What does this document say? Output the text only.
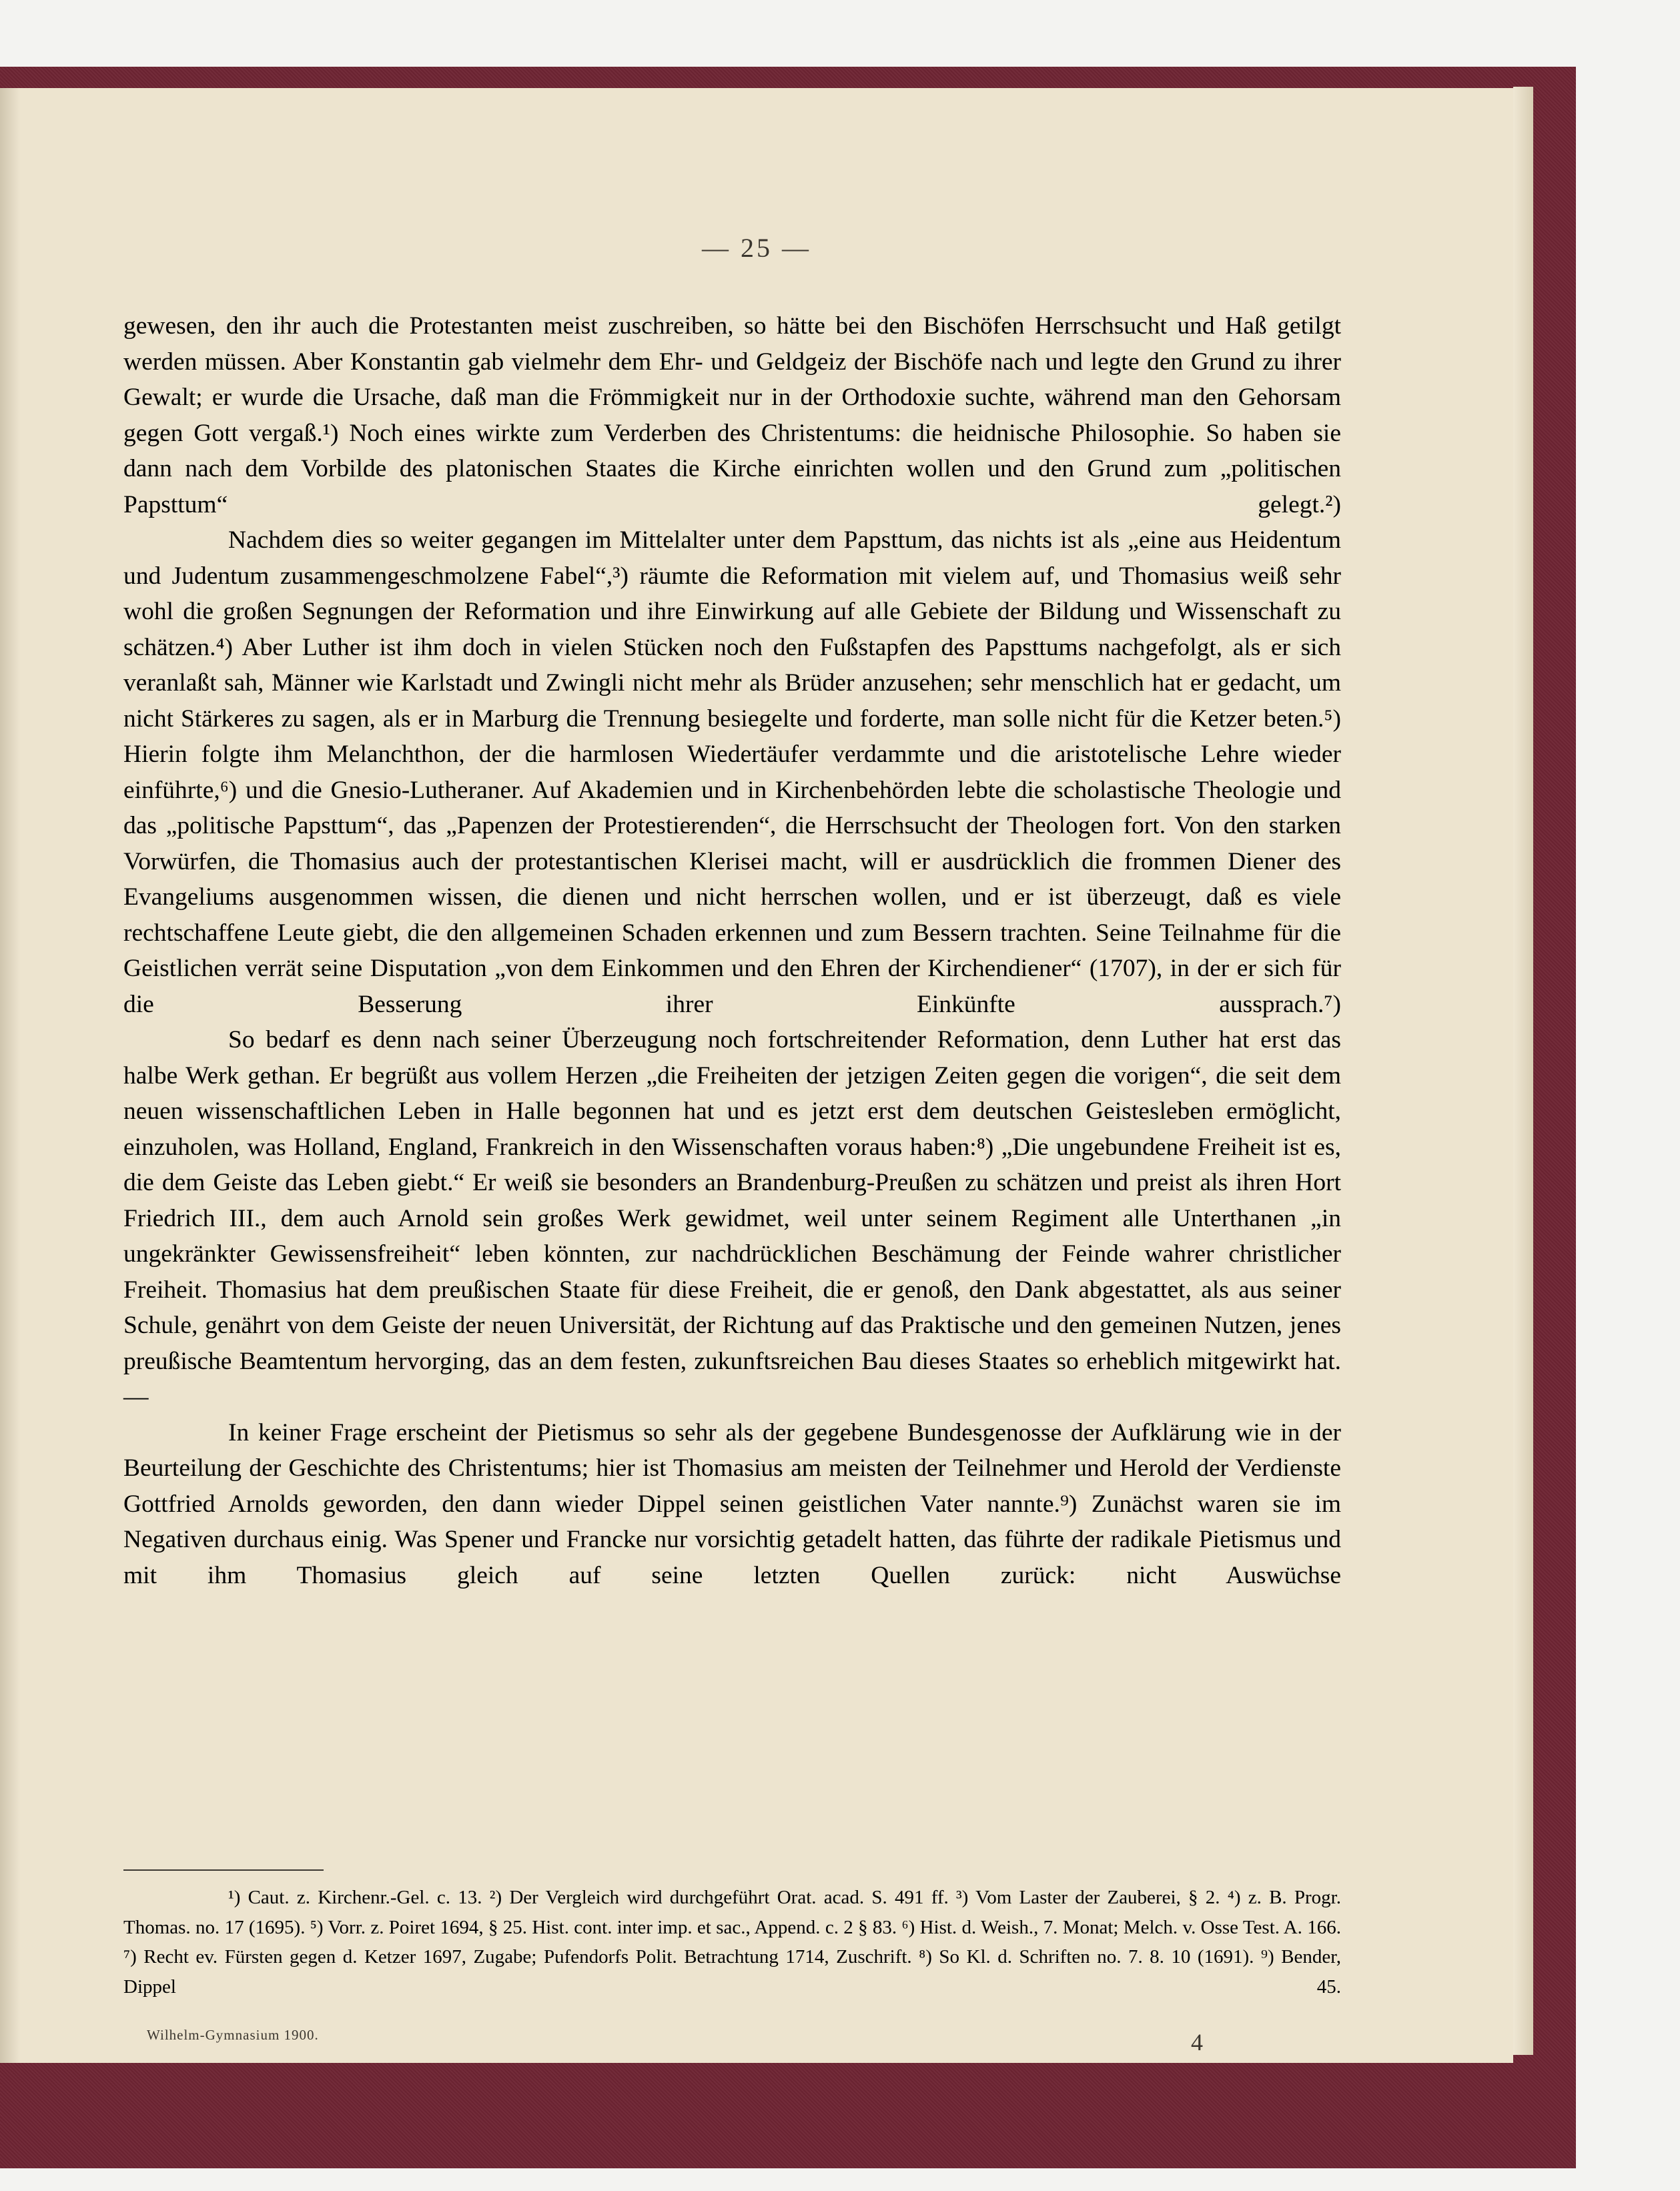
— 25 —

gewesen, den ihr auch die Protestanten meist zuschreiben, so hätte bei den Bischöfen Herrschsucht und Haß getilgt werden müssen. Aber Konstantin gab vielmehr dem Ehr- und Geldgeiz der Bischöfe nach und legte den Grund zu ihrer Gewalt; er wurde die Ursache, daß man die Frömmigkeit nur in der Orthodoxie suchte, während man den Gehorsam gegen Gott vergaß.¹) Noch eines wirkte zum Verderben des Christentums: die heidnische Philosophie. So haben sie dann nach dem Vorbilde des platonischen Staates die Kirche einrichten wollen und den Grund zum „politischen Papsttum“ gelegt.²)

Nachdem dies so weiter gegangen im Mittelalter unter dem Papsttum, das nichts ist als „eine aus Heidentum und Judentum zusammengeschmolzene Fabel“,³) räumte die Reformation mit vielem auf, und Thomasius weiß sehr wohl die großen Segnungen der Reformation und ihre Einwirkung auf alle Gebiete der Bildung und Wissenschaft zu schätzen.⁴) Aber Luther ist ihm doch in vielen Stücken noch den Fußstapfen des Papsttums nachgefolgt, als er sich veranlaßt sah, Männer wie Karlstadt und Zwingli nicht mehr als Brüder anzusehen; sehr menschlich hat er gedacht, um nicht Stärkeres zu sagen, als er in Marburg die Trennung besiegelte und forderte, man solle nicht für die Ketzer beten.⁵) Hierin folgte ihm Melanchthon, der die harmlosen Wiedertäufer verdammte und die aristotelische Lehre wieder einführte,⁶) und die Gnesio-Lutheraner. Auf Akademien und in Kirchenbehörden lebte die scholastische Theologie und das „politische Papsttum“, das „Papenzen der Protestierenden“, die Herrschsucht der Theologen fort. Von den starken Vorwürfen, die Thomasius auch der protestantischen Klerisei macht, will er ausdrücklich die frommen Diener des Evangeliums ausgenommen wissen, die dienen und nicht herrschen wollen, und er ist überzeugt, daß es viele rechtschaffene Leute giebt, die den allgemeinen Schaden erkennen und zum Bessern trachten. Seine Teilnahme für die Geistlichen verrät seine Disputation „von dem Einkommen und den Ehren der Kirchendiener“ (1707), in der er sich für die Besserung ihrer Einkünfte aussprach.⁷)

So bedarf es denn nach seiner Überzeugung noch fortschreitender Reformation, denn Luther hat erst das halbe Werk gethan. Er begrüßt aus vollem Herzen „die Freiheiten der jetzigen Zeiten gegen die vorigen“, die seit dem neuen wissenschaftlichen Leben in Halle begonnen hat und es jetzt erst dem deutschen Geistesleben ermöglicht, einzuholen, was Holland, England, Frankreich in den Wissenschaften voraus haben:⁸) „Die ungebundene Freiheit ist es, die dem Geiste das Leben giebt.“ Er weiß sie besonders an Brandenburg-Preußen zu schätzen und preist als ihren Hort Friedrich III., dem auch Arnold sein großes Werk gewidmet, weil unter seinem Regiment alle Unterthanen „in ungekränkter Gewissensfreiheit“ leben könnten, zur nachdrücklichen Beschämung der Feinde wahrer christlicher Freiheit. Thomasius hat dem preußischen Staate für diese Freiheit, die er genoß, den Dank abgestattet, als aus seiner Schule, genährt von dem Geiste der neuen Universität, der Richtung auf das Praktische und den gemeinen Nutzen, jenes preußische Beamtentum hervorging, das an dem festen, zukunftsreichen Bau dieses Staates so erheblich mitgewirkt hat. —

In keiner Frage erscheint der Pietismus so sehr als der gegebene Bundesgenosse der Aufklärung wie in der Beurteilung der Geschichte des Christentums; hier ist Thomasius am meisten der Teilnehmer und Herold der Verdienste Gottfried Arnolds geworden, den dann wieder Dippel seinen geistlichen Vater nannte.⁹) Zunächst waren sie im Negativen durchaus einig. Was Spener und Francke nur vorsichtig getadelt hatten, das führte der radikale Pietismus und mit ihm Thomasius gleich auf seine letzten Quellen zurück: nicht Auswüchse

¹) Caut. z. Kirchenr.-Gel. c. 13. ²) Der Vergleich wird durchgeführt Orat. acad. S. 491 ff. ³) Vom Laster der Zauberei, § 2. ⁴) z. B. Progr. Thomas. no. 17 (1695). ⁵) Vorr. z. Poiret 1694, § 25. Hist. cont. inter imp. et sac., Append. c. 2 § 83. ⁶) Hist. d. Weish., 7. Monat; Melch. v. Osse Test. A. 166. ⁷) Recht ev. Fürsten gegen d. Ketzer 1697, Zugabe; Pufendorfs Polit. Betrachtung 1714, Zuschrift. ⁸) So Kl. d. Schriften no. 7. 8. 10 (1691). ⁹) Bender, Dippel 45.

Wilhelm-Gymnasium 1900.	4
